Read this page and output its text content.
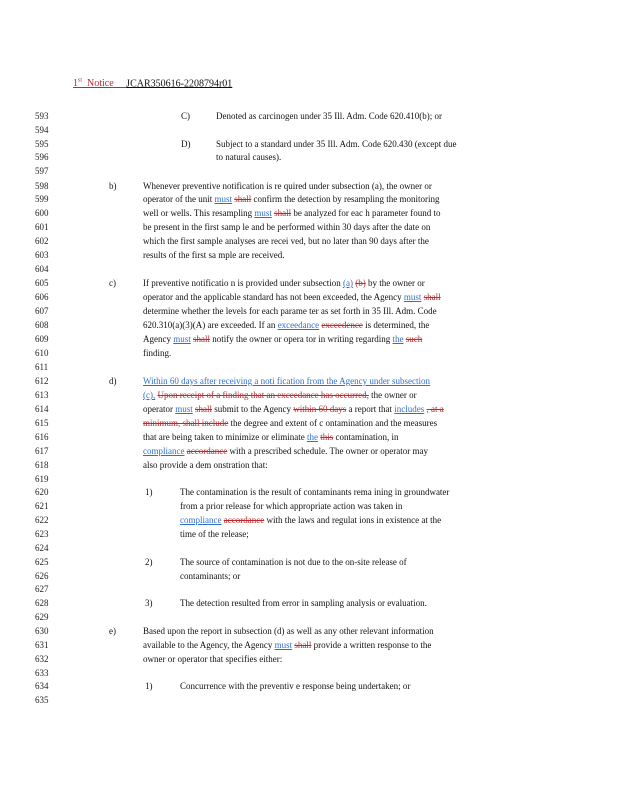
1st Notice JCAR350616-2208794r01
593
594
595
596
597
598
599
600
601
602
603
604
605
606
607
608
609
610
611
612
613
614
615
616
617
618
619
620
621
622
623
624
625
626
627
628
629
630
631
632
633
634
635
C)	Denoted as carcinogen under 35 Ill. Adm. Code 620.410(b); or
D)	Subject to a standard under 35 Ill. Adm. Code 620.430 (except due
to natural causes).
b)	Whenever preventive notification is re quired under subsection (a), the owner or
operator of the unit must shall confirm the detection by resampling the monitoring
well or wells. This resampling must shall be analyzed for eac h parameter found to
be present in the first samp le and be performed within 30 days after the date on
which the first sample analyses are recei ved, but no later than 90 days after the
results of the first sa mple are received.
c)	If preventive notificatio n is provided under subsection (a) (b) by the owner or
operator and the applicable standard has not been exceeded, the Agency must shall
determine whether the levels for each parame ter as set forth in 35 Ill. Adm. Code
620.310(a)(3)(A) are exceeded. If an exceedance exceedence is determined, the
Agency must shall notify the owner or opera tor in writing regarding the such
finding.
d)	Within 60 days after receiving a noti fication from the Agency under subsection
(c), Upon receipt of a finding that an exceedance has occurred, the owner or
operator must shall submit to the Agency within 60 days a report that includes , at a
minimum, shall include the degree and extent of c ontamination and the measures
that are being taken to minimize or eliminate the this contamination, in
compliance accordance with a prescribed schedule. The owner or operator may
also provide a dem onstration that:
1)	The contamination is the result of contaminants rema ining in groundwater
from a prior release for which appropriate action was taken in
compliance accordance with the laws and regulat ions in existence at the
time of the release;
2)	The source of contamination is not due to the on-site release of
contaminants; or
3)	The detection resulted from error in sampling analysis or evaluation.
e)	Based upon the report in subsection (d) as well as any other relevant information
available to the Agency, the Agency must shall provide a written response to the
owner or operator that specifies either:
1)	Concurrence with the preventiv e response being undertaken; or
